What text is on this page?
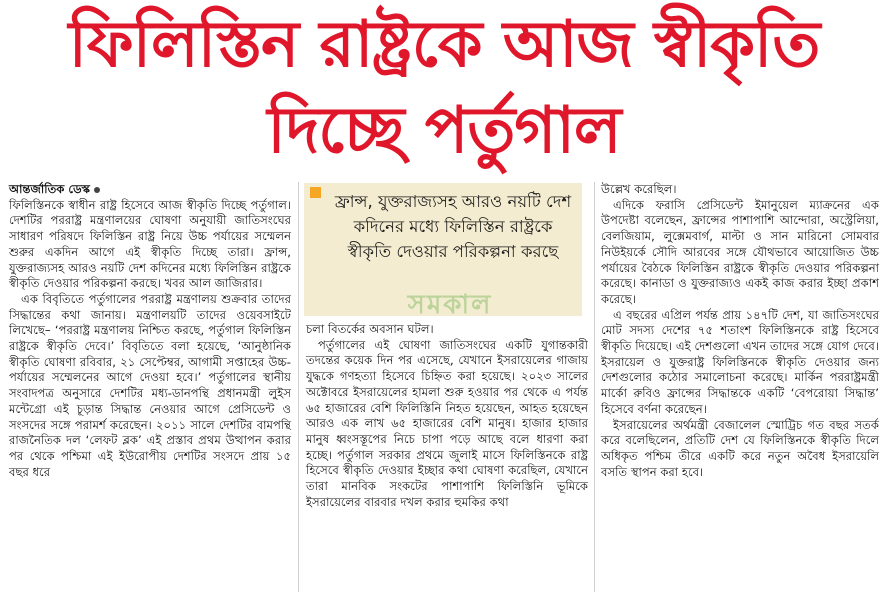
ফিলিস্তিন রাষ্ট্রকে আজ স্বীকৃতি
দিচ্ছে পর্তুগাল

আন্তর্জাতিক ডেস্ক

ফিলিস্তিনকে স্বাধীন রাষ্ট্র হিসেবে আজ স্বীকৃতি দিচ্ছে পর্তুগাল। দেশটির পররাষ্ট্র মন্ত্রণালয়ের ঘোষণা অনুযায়ী জাতিসংঘের সাধারণ পরিষদে ফিলিস্তিন রাষ্ট্র নিয়ে উচ্চ পর্যায়ের সম্মেলন শুরুর একদিন আগে এই স্বীকৃতি দিচ্ছে তারা। ফ্রান্স, যুক্তরাজ্যসহ আরও নয়টি দেশ কদিনের মধ্যে ফিলিস্তিন রাষ্ট্রকে স্বীকৃতি দেওয়ার পরিকল্পনা করছে। খবর আল জাজিরার।

এক বিবৃতিতে পর্তুগালের পররাষ্ট্র মন্ত্রণালয় শুক্রবার তাদের সিদ্ধান্তের কথা জানায়। মন্ত্রণালয়টি তাদের ওয়েবসাইটে লিখেছে– ‘পররাষ্ট্র মন্ত্রণালয় নিশ্চিত করছে, পর্তুগাল ফিলিস্তিন রাষ্ট্রকে স্বীকৃতি দেবে।’ বিবৃতিতে বলা হয়েছে, ‘আনুষ্ঠানিক স্বীকৃতি ঘোষণা রবিবার, ২১ সেপ্টেম্বর, আগামী সপ্তাহের উচ্চ-পর্যায়ের সম্মেলনের আগে দেওয়া হবে।’ পর্তুগালের স্থানীয় সংবাদপত্র অনুসারে দেশটির মধ্য-ডানপন্থি প্রধানমন্ত্রী লুইস মন্টেগ্রো এই চূড়ান্ত সিদ্ধান্ত নেওয়ার আগে প্রেসিডেন্ট ও সংসদের সঙ্গে পরামর্শ করেছেন। ২০১১ সালে দেশটির বামপন্থি রাজনৈতিক দল ‘লেফট ব্লক’ এই প্রস্তাব প্রথম উত্থাপন করার পর থেকে পশ্চিমা এই ইউরোপীয় দেশটির সংসদে প্রায় ১৫ বছর ধরে

ফ্রান্স, যুক্তরাজ্যসহ আরও নয়টি দেশ কদিনের মধ্যে ফিলিস্তিন রাষ্ট্রকে স্বীকৃতি দেওয়ার পরিকল্পনা করছে
সমকাল

চলা বিতর্কের অবসান ঘটল।

পর্তুগালের এই ঘোষণা জাতিসংঘের একটি যুগান্তকারী তদন্তের কয়েক দিন পর এসেছে, যেখানে ইসরায়েলের গাজায় যুদ্ধকে গণহত্যা হিসেবে চিহ্নিত করা হয়েছে। ২০২৩ সালের অক্টোবরে ইসরায়েলের হামলা শুরু হওয়ার পর থেকে এ পর্যন্ত ৬৫ হাজারের বেশি ফিলিস্তিনি নিহত হয়েছেন, আহত হয়েছেন আরও এক লাখ ৬৫ হাজারের বেশি মানুষ। হাজার হাজার মানুষ ধ্বংসস্তূপের নিচে চাপা পড়ে আছে বলে ধারণা করা হচ্ছে। পর্তুগাল সরকার প্রথমে জুলাই মাসে ফিলিস্তিনকে রাষ্ট্র হিসেবে স্বীকৃতি দেওয়ার ইচ্ছার কথা ঘোষণা করেছিল, যেখানে তারা মানবিক সংকটের পাশাপাশি ফিলিস্তিনি ভূমিকে ইসরায়েলের বারবার দখল করার হুমকির কথা

উল্লেখ করেছিল।

এদিকে ফরাসি প্রেসিডেন্ট ইমানুয়েল ম্যাক্রনের এক উপদেষ্টা বলেছেন, ফ্রান্সের পাশাপাশি আন্দোরা, অস্ট্রেলিয়া, বেলজিয়াম, লুক্সেমবার্গ, মাল্টা ও সান মারিনো সোমবার নিউইয়র্কে সৌদি আরবের সঙ্গে যৌথভাবে আয়োজিত উচ্চ পর্যায়ের বৈঠকে ফিলিস্তিন রাষ্ট্রকে স্বীকৃতি দেওয়ার পরিকল্পনা করেছে। কানাডা ও যুক্তরাজ্যও একই কাজ করার ইচ্ছা প্রকাশ করেছে।

এ বছরের এপ্রিল পর্যন্ত প্রায় ১৪৭টি দেশ, যা জাতিসংঘের মোট সদস্য দেশের ৭৫ শতাংশ ফিলিস্তিনকে রাষ্ট্র হিসেবে স্বীকৃতি দিয়েছে। এই দেশগুলো এখন তাদের সঙ্গে যোগ দেবে। ইসরায়েল ও যুক্তরাষ্ট্র ফিলিস্তিনকে স্বীকৃতি দেওয়ার জন্য দেশগুলোর কঠোর সমালোচনা করেছে। মার্কিন পররাষ্ট্রমন্ত্রী মার্কো রুবিও ফ্রান্সের সিদ্ধান্তকে একটি ‘বেপরোয়া সিদ্ধান্ত’ হিসেবে বর্ণনা করেছেন।

ইসরায়েলের অর্থমন্ত্রী বেজালেল স্মোট্রিচ গত বছর সতর্ক করে বলেছিলেন, প্রতিটি দেশ যে ফিলিস্তিনকে স্বীকৃতি দিলে অধিকৃত পশ্চিম তীরে একটি করে নতুন অবৈধ ইসরায়েলি বসতি স্থাপন করা হবে।
